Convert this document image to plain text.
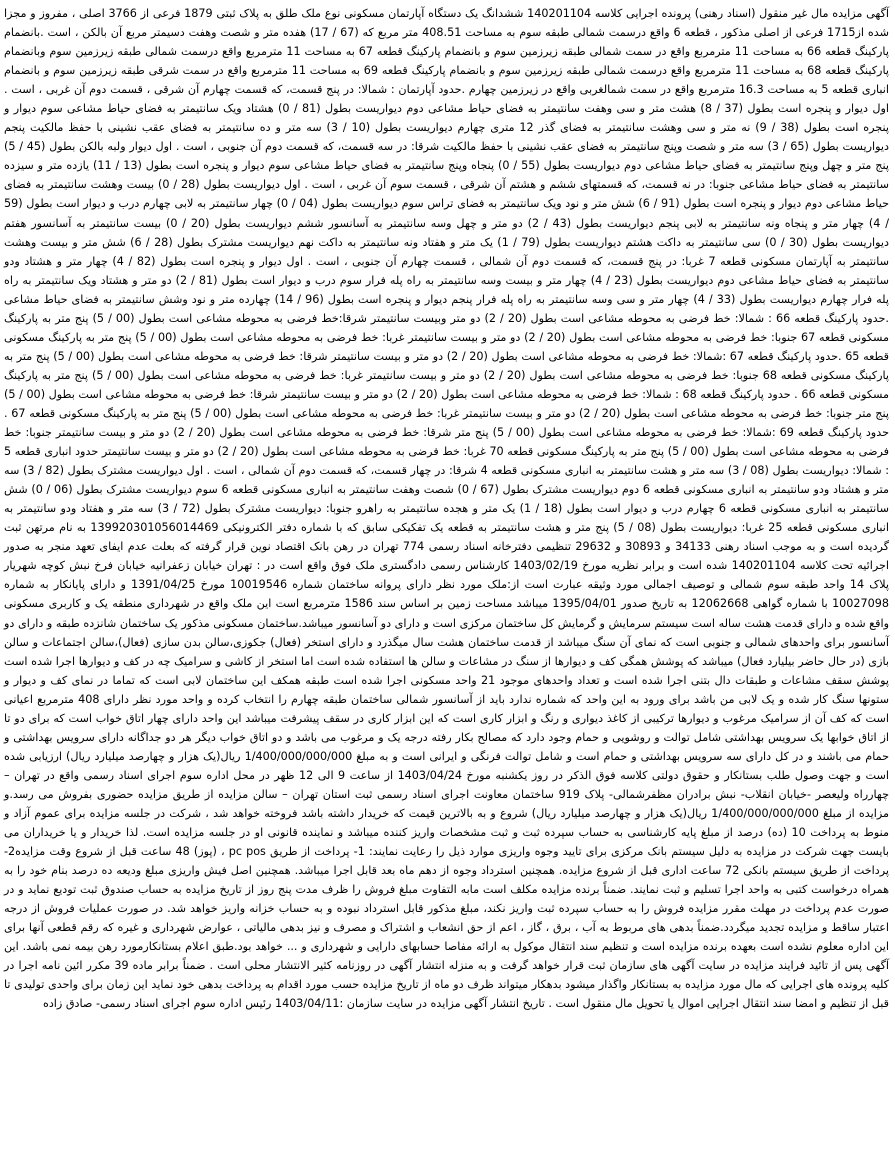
آگهی مزایده مال غیر منقول (اسناد رهنی) پرونده اجرایی کلاسه 140201104 ششدانگ یک دستگاه آپارتمان مسکونی نوع ملک طلق به پلاک ثبتی 1879 فرعی از 3766 اصلی ، مفروز و مجزا شده از1715 فرعی از اصلی مذکور ، قطعه 6 واقع درسمت شمالی طبقه سوم به مساحت 408.51 متر مربع که (67 / 17) هفده متر و شصت وهفت دسیمتر مربع آن بالکن ، است .بانضمام پارکینگ قطعه 66 به مساحت 11 مترمربع واقع در سمت شمالی طبقه زیرزمین سوم و بانضمام پارکینگ قطعه 67 به مساحت 11 مترمربع واقع درسمت شمالی طبقه زیرزمین سوم وبانضمام پارکینگ قطعه 68 به مساحت 11 مترمربع واقع درسمت شمالی طبقه زیرزمین سوم و بانضمام پارکینگ قطعه 69 به مساحت 11 مترمربع واقع در سمت شرقی طبقه زیرزمین سوم و بانضمام انباری قطعه 5 به مساحت 16.3 مترمربع واقع در سمت شمالغربی واقع در زیرزمین چهارم .حدود آپارتمان : شمالا: در پنج قسمت، که قسمت چهارم آن شرقی ، قسمت دوم آن غربی ، است . اول دیوار و پنجره است بطول (37 / 8) هشت متر و سی وهفت سانتیمتر به فضای حیاط مشاعی دوم دیواریست بطول (81 / 0) هشتاد ویک سانتیمتر به فضای حیاط مشاعی سوم دیوار و پنجره است بطول (38 / 9) نه متر و سی وهشت سانتیمتر به فضای گذر 12 متری چهارم دیواریست بطول (10 / 3) سه متر و ده سانتیمتر به فضای عقب نشینی با حفظ مالکیت پنجم دیواریست بطول (65 / 3) سه متر و شصت وپنج سانتیمتر به فضای عقب نشینی با حفظ مالکیت شرقا: در سه قسمت، که قسمت دوم آن جنوبی ، است . اول دیوار ولبه بالکن بطول (45 / 5) پنج متر و چهل وپنج سانتیمتر به فضای حیاط مشاعی دوم دیواریست بطول (55 / 0) پنجاه وپنج سانتیمتر به فضای حیاط مشاعی سوم دیوار و پنجره است بطول (13 / 11) یازده متر و سیزده سانتیمتر به فضای حیاط مشاعی جنوبا: در نه قسمت، که قسمتهای ششم و هشتم آن شرقی ، قسمت سوم آن غربی ، است . اول دیواریست بطول (28 / 0) بیست وهشت سانتیمتر به فضای حیاط مشاعی دوم دیوار و پنجره است بطول (91 / 6) شش متر و نود ویک سانتیمتر به فضای تراس سوم دیواریست بطول (04 / 0) چهار سانتیمتر به لابی چهارم درب و دیوار است بطول (59 / 4) چهار متر و پنجاه ونه سانتیمتر به لابی پنجم دیواریست بطول (43 / 2) دو متر و چهل وسه سانتیمتر به آسانسور ششم دیواریست بطول (20 / 0) بیست سانتیمتر به آسانسور هفتم دیواریست بطول (30 / 0) سی سانتیمتر به داکت هشتم دیواریست بطول (79 / 1) یک متر و هفتاد ونه سانتیمتر به داکت نهم دیواریست مشترک بطول (28 / 6) شش متر و بیست وهشت سانتیمتر به آپارتمان مسکونی قطعه 7 غربا: در پنج قسمت، که قسمت دوم آن شمالی ، قسمت چهارم آن جنوبی ، است . اول دیوار و پنجره است بطول (82 / 4) چهار متر و هشتاد ودو سانتیمتر به فضای حیاط مشاعی دوم دیواریست بطول (23 / 4) چهار متر و بیست وسه سانتیمتر به راه پله فرار سوم درب و دیوار است بطول (81 / 2) دو متر و هشتاد ویک سانتیمتر به راه پله فرار چهارم دیواریست بطول (33 / 4) چهار متر و سی وسه سانتیمتر به راه پله فرار پنجم دیوار و پنجره است بطول (96 / 14) چهارده متر و نود وشش سانتیمتر به فضای حیاط مشاعی .حدود پارکینگ قطعه 66 : شمالا: خط فرضی به محوطه مشاعی است بطول (20 / 2) دو متر وبیست سانتیمتر شرقا:خط فرضی به محوطه مشاعی است بطول (00 / 5) پنج متر به پارکینگ مسکونی قطعه 67 جنوبا: خط فرضی به محوطه مشاعی است بطول (20 / 2) دو متر و بیست سانتیمتر غربا: خط فرضی به محوطه مشاعی است بطول (00 / 5) پنج متر به پارکینگ مسکونی قطعه 65 .حدود پارکینگ قطعه 67 :شمالا: خط فرضی به محوطه مشاعی است بطول (20 / 2) دو متر و بیست سانتیمتر شرقا: خط فرضی به محوطه مشاعی است بطول (00 / 5) پنج متر به پارکینگ مسکونی قطعه 68 جنوبا: خط فرضی به محوطه مشاعی است بطول (20 / 2) دو متر و بیست سانتیمتر غربا: خط فرضی به محوطه مشاعی است بطول (00 / 5) پنج متر به پارکینگ مسکونی قطعه 66 . حدود پارکینگ قطعه 68 : شمالا: خط فرضی به محوطه مشاعی است بطول (20 / 2) دو متر و بیست سانتیمتر شرقا: خط فرضی به محوطه مشاعی است بطول (00 / 5) پنج متر جنوبا: خط فرضی به محوطه مشاعی است بطول (20 / 2) دو متر و بیست سانتیمتر غربا: خط فرضی به محوطه مشاعی است بطول (00 / 5) پنج متر به پارکینگ مسکونی قطعه 67 . حدود پارکینگ قطعه 69 :شمالا: خط فرضی به محوطه مشاعی است بطول (00 / 5) پنج متر شرقا: خط فرضی به محوطه مشاعی است بطول (20 / 2) دو متر و بیست سانتیمتر جنوبا: خط فرضی به محوطه مشاعی است بطول (00 / 5) پنج متر به پارکینگ مسکونی قطعه 70 غربا: خط فرضی به محوطه مشاعی است بطول (20 / 2) دو متر و بیست سانتیمتر حدود انباری قطعه 5 : شمالا: دیواریست بطول (08 / 3) سه متر و هشت سانتیمتر به انباری مسکونی قطعه 4 شرقا: در چهار قسمت، که قسمت دوم آن شمالی ، است . اول دیواریست مشترک بطول (82 / 3) سه متر و هشتاد ودو سانتیمتر به انباری مسکونی قطعه 6 دوم دیواریست مشترک بطول (67 / 0) شصت وهفت سانتیمتر به انباری مسکونی قطعه 6 سوم دیواریست مشترک بطول (06 / 0) شش سانتیمتر به انباری مسکونی قطعه 6 چهارم درب و دیوار است بطول (18 / 1) یک متر و هجده سانتیمتر به راهرو جنوبا: دیواریست مشترک بطول (72 / 3) سه متر و هفتاد ودو سانتیمتر به انباری مسکونی قطعه 25 غربا: دیواریست بطول (08 / 5) پنج متر و هشت سانتیمتر به قطعه یک تفکیکی سابق که با شماره دفتر الکترونیکی 139920301056014469 به نام مرتهن ثبت گردیده است و به موجب اسناد رهنی 34133 و 30893 و 29632 تنظیمی دفترخانه اسناد رسمی 774 تهران در رهن بانک اقتصاد نوین قرار گرفته که بعلت عدم ایفای تعهد منجر به صدور اجرائیه تحت کلاسه 140201104 شده است و برابر نظریه مورخ 1403/02/19 کارشناس رسمی دادگستری ملک فوق واقع است در : تهران خیابان زعفرانیه خیابان فرخ نبش کوچه شهریار پلاک 14 واحد طبقه سوم شمالی و توصیف اجمالی مورد وثیقه عبارت است از:ملک مورد نظر دارای پروانه ساختمان شماره 10019546 مورخ 1391/04/25 و دارای پایانکار به شماره 10027098 با شماره گواهی 12062668 به تاریخ صدور 1395/04/01 میباشد مساحت زمین بر اساس سند 1586 مترمربع است این ملک واقع در شهرداری منطقه یک و کاربری مسکونی واقع شده و دارای قدمت هشت ساله است سیستم سرمایش و گرمایش کل ساختمان مرکزی است و دارای دو آسانسور میباشد.ساختمان مسکونی مذکور یک ساختمان شانزده طبقه و دارای دو آسانسور برای واحدهای شمالی و جنوبی است که نمای آن سنگ میباشد از قدمت ساختمان هشت سال میگذرد و دارای استخر (فعال) جکوزی،سالن بدن سازی (فعال)،سالن اجتماعات و سالن بازی (در حال حاضر بیلیارد فعال) میباشد که پوشش همگی کف و دیوارها از سنگ در مشاعات و سالن ها استفاده شده است اما استخر از کاشی و سرامیک چه در کف و دیوارها اجرا شده است پوشش سقف مشاعات و طبقات دال بتنی اجرا شده است و تعداد واحدهای موجود 21 واحد مسکونی اجرا شده است طبقه همکف این ساختمان لابی است که تماما در نمای کف و دیوار و ستونها سنگ کار شده و یک لابی من باشد برای ورود به این واحد که شماره ندارد باید از آسانسور شمالی ساختمان طبقه چهارم را انتخاب کرده و واحد مورد نظر دارای 408 مترمربع اعیانی است که کف آن از سرامیک مرغوب و دیوارها ترکیبی از کاغذ دیواری و رنگ و ابزار کاری است که این ابزار کاری در سقف پیشرفت میباشد این واحد دارای چهار اتاق خواب است که برای دو تا از اتاق خوابها یک سرویس بهداشتی شامل توالت و روشویی و حمام وجود دارد که مصالح بکار رفته درجه یک و مرغوب می باشد و دو اتاق خواب دیگر هر دو جداگانه دارای سرویس بهداشتی و حمام می باشند و در کل دارای سه سرویس بهداشتی و حمام است و شامل توالت فرنگی و ایرانی است و به مبلغ 1/400/000/000/000 ریال(یک هزار و چهارصد میلیارد ریال) ارزیابی شده است و جهت وصول طلب بستانکار و حقوق دولتی کلاسه فوق الذکر در روز یکشنبه مورخ 1403/04/24 از ساعت 9 الی 12 ظهر در محل اداره سوم اجرای اسناد رسمی واقع در تهران – چهارراه ولیعصر -خیابان انقلاب- نبش برادران مظفرشمالی- پلاک 919 ساختمان معاونت اجرای اسناد رسمی ثبت استان تهران – سالن مزایده از طریق مزایده حضوری بفروش می رسد.و مزایده از مبلغ 1/400/000/000/000 ریال(یک هزار و چهارصد میلیارد ریال) شروع و به بالاترین قیمت که خریدار داشته باشد فروخته خواهد شد ، شرکت در جلسه مزایده برای عموم آزاد و منوط به پرداخت 10 (ده) درصد از مبلغ پایه کارشناسی به حساب سپرده ثبت و ثبت مشخصات واریز کننده میباشد و نماینده قانونی او در جلسه مزایده است. لذا خریدار و یا خریداران می بایست جهت شرکت در مزایده به دلیل سیستم بانک مرکزی برای تایید وجوه واریزی موارد ذیل را رعایت نمایند: 1- پرداخت از طریق pc pos ، (پوز) 48 ساعت قبل از شروع وقت مزایده2- پرداخت از طریق سیستم بانکی 72 ساعت اداری قبل از شروع مزایده. همچنین استرداد وجوه از دهم ماه بعد قابل اجرا میباشد. همچنین اصل فیش واریزی مبلغ ودیعه ده درصد بنام خود را به همراه درخواست کتبی به واحد اجرا تسلیم و ثبت نمایند. ضمناً برنده مزایده مکلف است مابه التفاوت مبلغ فروش را ظرف مدت پنج روز از تاریخ مزایده به حساب صندوق ثبت تودیع نماید و در صورت عدم پرداخت در مهلت مقرر مزایده فروش را به حساب سپرده ثبت واریز نکند، مبلغ مذکور قابل استرداد نبوده و به حساب خزانه واریز خواهد شد. در صورت عملیات فروش از درجه اعتبار ساقط و مزایده تجدید میگردد.ضمناً بدهی های مربوط به آب ، برق ، گاز ، اعم از حق انشعاب و اشتراک و مصرف و نیز بدهی مالیاتی ، عوارض شهرداری و غیره که رقم قطعی آنها برای این اداره معلوم نشده است بعهده برنده مزایده است و تنظیم سند انتقال موکول به ارائه مفاصا حسابهای دارایی و شهرداری و ... خواهد بود.طبق اعلام بستانکارمورد رهن بیمه نمی باشد. این آگهی پس از تائید فرایند مزایده در سایت آگهی های سازمان ثبت قرار خواهد گرفت و به منزله انتشار آگهی در روزنامه کثیر الانتشار محلی است . ضمناً برابر ماده 39 مکرر ائین نامه اجرا در کلیه پرونده های اجرایی که مال مورد مزایده به بستانکار واگذار میشود بدهکار میتواند ظرف دو ماه از تاریخ مزایده حسب مورد اقدام به پرداخت بدهی خود نماید این زمان برای واحدی تولیدی تا قبل از تنظیم و امضا سند انتقال اجرایی اموال یا تحویل مال منقول است . تاریخ انتشار آگهی مزایده در سایت سازمان :1403/04/11 رئیس اداره سوم اجرای اسناد رسمی- صادق زاده
